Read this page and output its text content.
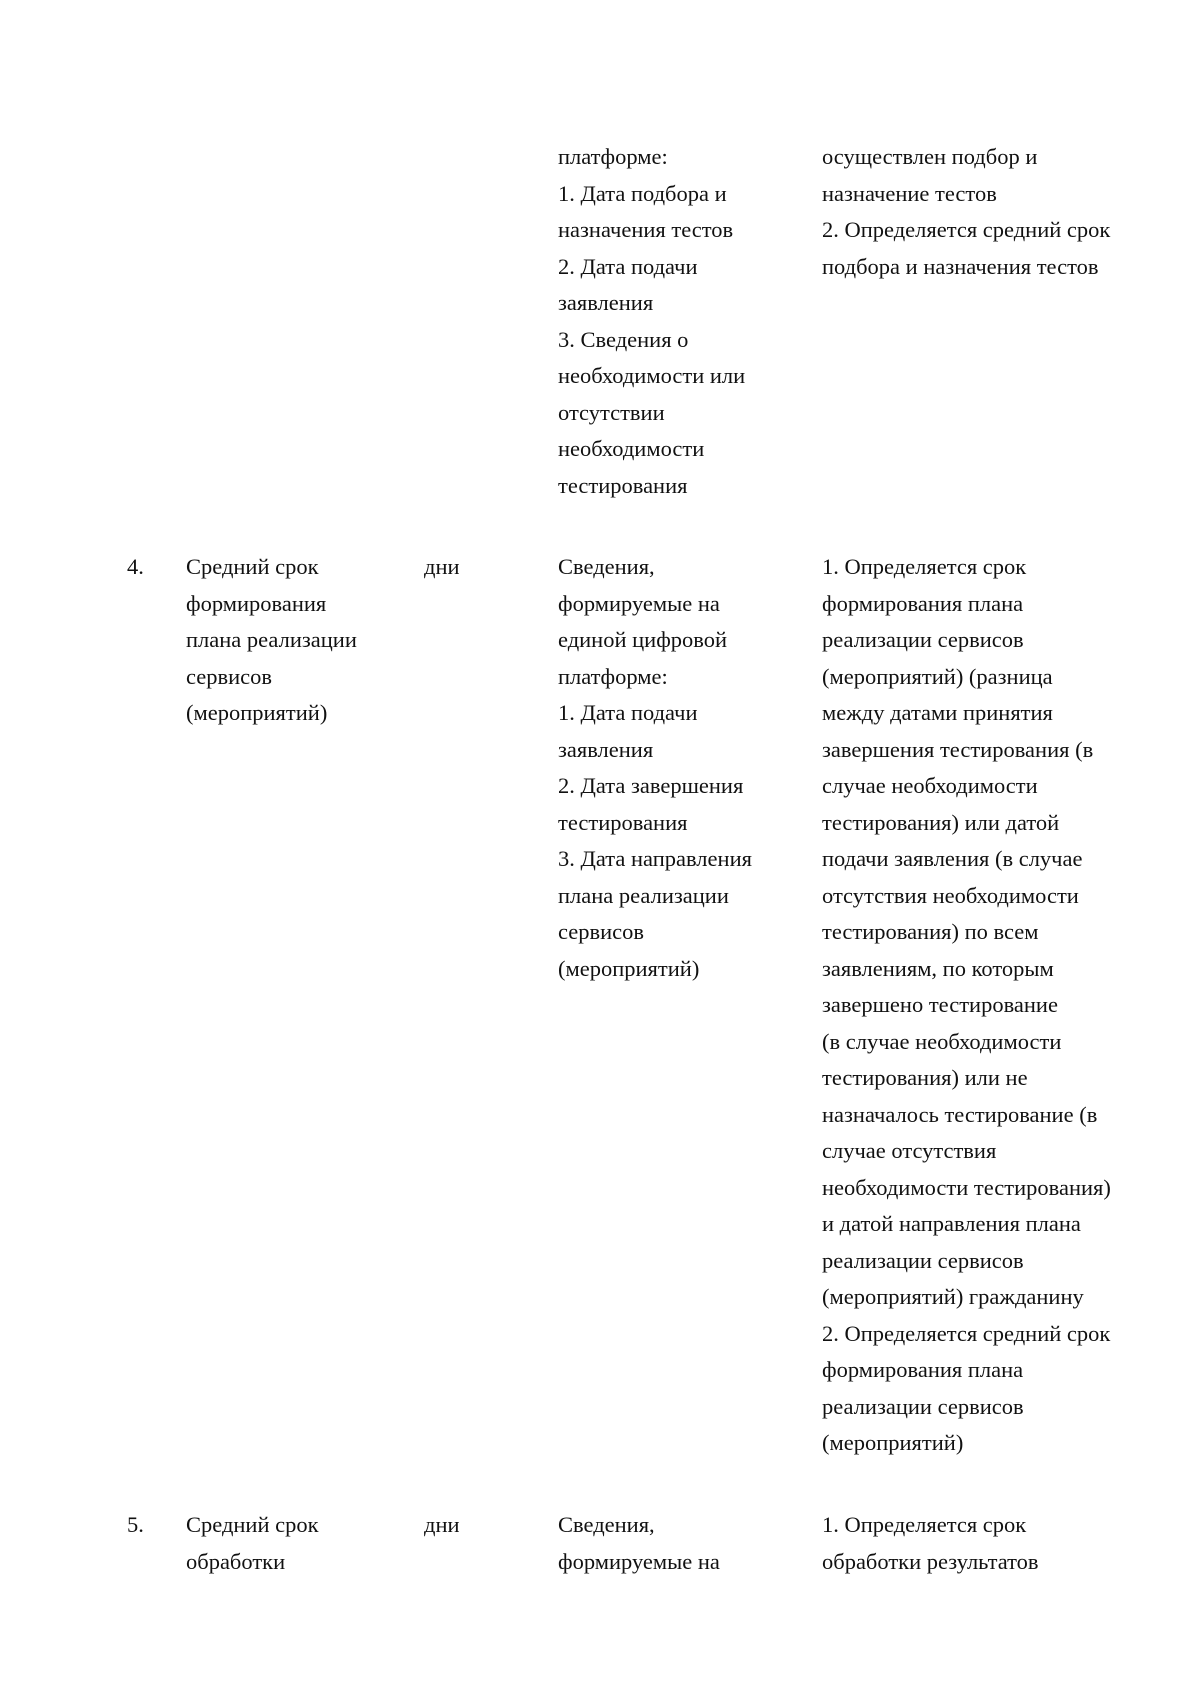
платформе:
1. Дата подбора и
назначения тестов
2. Дата подачи
заявления
3. Сведения о
необходимости или
отсутствии
необходимости
тестирования
осуществлен подбор и
назначение тестов
2. Определяется средний срок
подбора и назначения тестов
4. Средний срок
формирования
плана реализации
сервисов
(мероприятий)
дни	Сведения,
формируемые на
единой цифровой
платформе:
1. Дата подачи
заявления
2. Дата завершения
тестирования
3. Дата направления
плана реализации
сервисов
(мероприятий)
1. Определяется срок
формирования плана
реализации сервисов
(мероприятий) (разница
между датами принятия
завершения тестирования (в
случае необходимости
тестирования) или датой
подачи заявления (в случае
отсутствия необходимости
тестирования) по всем
заявлениям, по которым
завершено тестирование
(в случае необходимости
тестирования) или не
назначалось тестирование (в
случае отсутствия
необходимости тестирования)
и датой направления плана
реализации сервисов
(мероприятий) гражданину
2. Определяется средний срок
формирования плана
реализации сервисов
(мероприятий)
5. Средний срок
обработки
дни	Сведения,
формируемые на
1. Определяется срок
обработки результатов
